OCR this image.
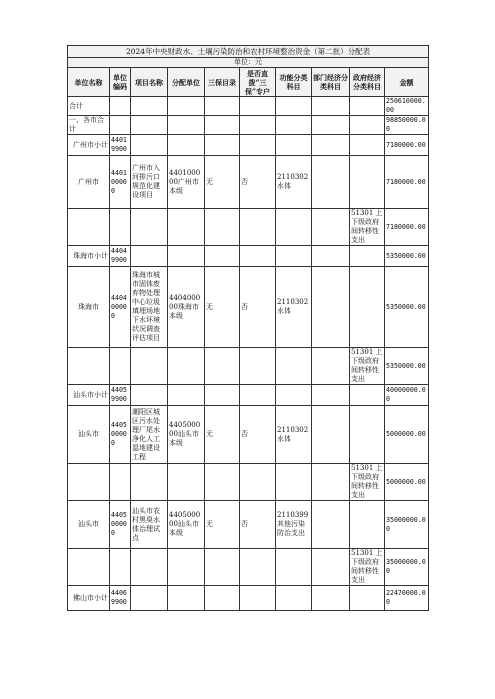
2024年中央财政水、土壤污染防治和农村环境整治资金（第二批）分配表									
单位：元									
单位名称	单位编码	项目名称	分配单位	三保目录	是否直拨“三保”专户	功能分类科目	部门经济分类科目	政府经济分类科目	金额
合计									250610000.00
一、各市合计									98850000.00
广州市小计	44019900								7180000.00
广州市	440100000	广州市入河排污口规范化建设项目	440100000广州市本级	无	否	2110302水体			7180000.00
								51301 上下级政府间转移性支出	7180000.00
珠海市小计	44049900								5350000.00
珠海市	440400000	珠海市城市固体废弃物处理中心垃圾填埋场地下水环境状况调查评估项目	440400000珠海市本级	无	否	2110302水体			5350000.00
								51301 上下级政府间转移性支出	5350000.00
汕头市小计	44059900								40000000.00
汕头市	440500000	潮阳区城区污水处理厂尾水净化人工湿地建设工程	440500000汕头市本级	无	否	2110302水体			5000000.00
								51301 上下级政府间转移性支出	5000000.00
汕头市	440500000	汕头市农村黑臭水体治理试点	440500000汕头市本级	无	否	2110399其他污染防治支出			35000000.00
								51301 上下级政府间转移性支出	35000000.00
佛山市小计	44069900								22470000.00
